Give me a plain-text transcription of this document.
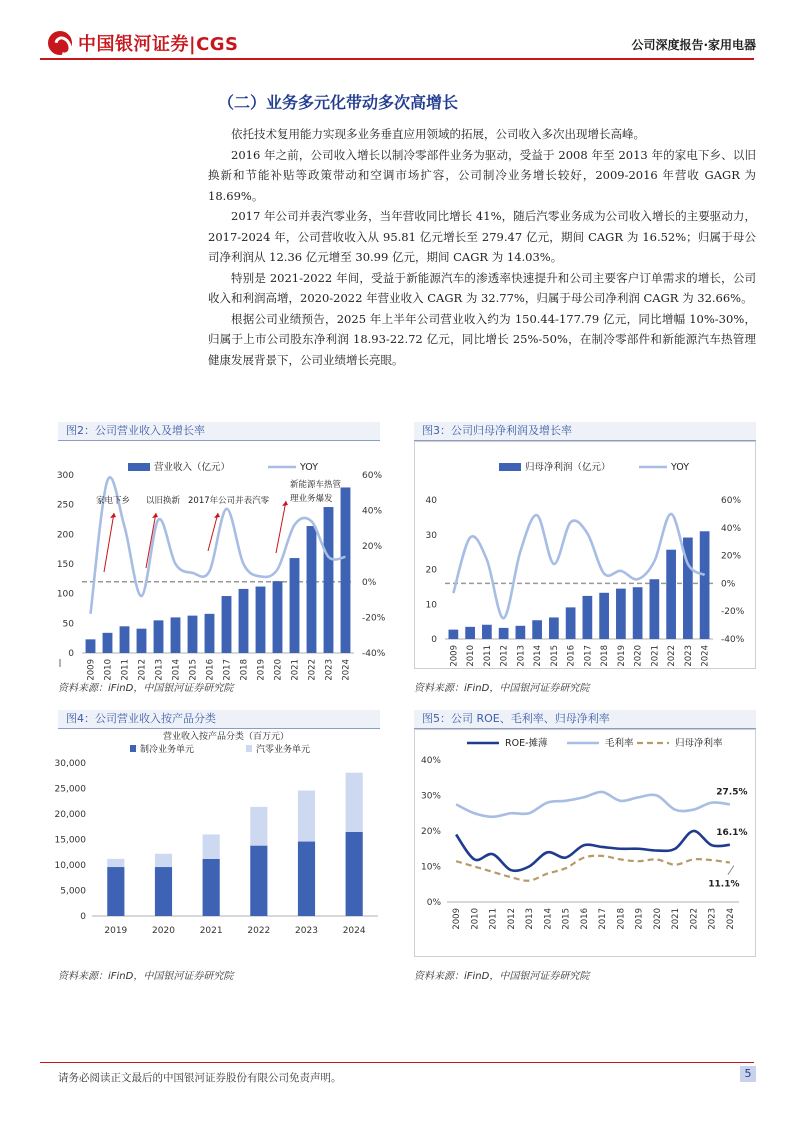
中国银河证券|CGS	公司深度报告·家用电器
（二）业务多元化带动多次高增长

依托技术复用能力实现多业务垂直应用领域的拓展，公司收入多次出现增长高峰。

2016 年之前，公司收入增长以制冷零部件业务为驱动，受益于 2008 年至 2013 年的家电下乡、以旧换新和节能补贴等政策带动和空调市场扩容，公司制冷业务增长较好，2009-2016 年营收 GAGR 为 18.69%。

2017 年公司并表汽零业务，当年营收同比增长 41%，随后汽零业务成为公司收入增长的主要驱动力，2017-2024 年，公司营收收入从 95.81 亿元增长至 279.47 亿元，期间 CAGR 为 16.52%；归属于母公司净利润从 12.36 亿元增至 30.99 亿元，期间 CAGR 为 14.03%。

特别是 2021-2022 年间，受益于新能源汽车的渗透率快速提升和公司主要客户订单需求的增长，公司收入和利润高增，2020-2022 年营业收入 CAGR 为 32.77%，归属于母公司净利润 CAGR 为 32.66%。

根据公司业绩预告，2025 年上半年公司营业收入约为 150.44-177.79 亿元，同比增幅 10%-30%，归属于上市公司股东净利润 18.93-22.72 亿元，同比增长 25%-50%，在制冷零部件和新能源汽车热管理健康发展背景下，公司业绩增长亮眼。

图2：公司营业收入及增长率
0
50
100
150
200
250
300
-40%
-20%
0%
20%
40%
60%
2009 2010 2011 2012 2013 2014 2015 2016 2017 2018 2019 2020 2021 2022 2023 2024
营业收入（亿元）	YOY
家电下乡 以旧换新 2017年公司并表汽零
新能源车热管
理业务爆发
资料来源：iFinD，中国银河证券研究院
图3：公司归母净利润及增长率
0
10
20
30
40
-40%
-20%
0%
20%
40%
60%
2009 2010 2011 2012 2013 2014 2015 2016 2017 2018 2019 2020 2021 2022 2023 2024
归母净利润（亿元）	YOY
资料来源：iFinD，中国银河证券研究院
图4：公司营业收入按产品分类
营业收入按产品分类（百万元）
制冷业务单元	汽零业务单元
0
5,000
10,000
15,000
20,000
25,000
30,000
2019	2020	2021	2022	2023	2024
资料来源：iFinD，中国银河证券研究院
图5：公司 ROE、毛利率、归母净利率
0%
10%
20%
30%
40%
2009 2010 2011 2012 2013 2014 2015 2016 2017 2018 2019 2020 2021 2022 2023 2024
ROE-摊薄	毛利率	归母净利率
27.5%
16.1%
11.1%
资料来源：iFinD，中国银河证券研究院
请务必阅读正文最后的中国银河证券股份有限公司免责声明。	5
